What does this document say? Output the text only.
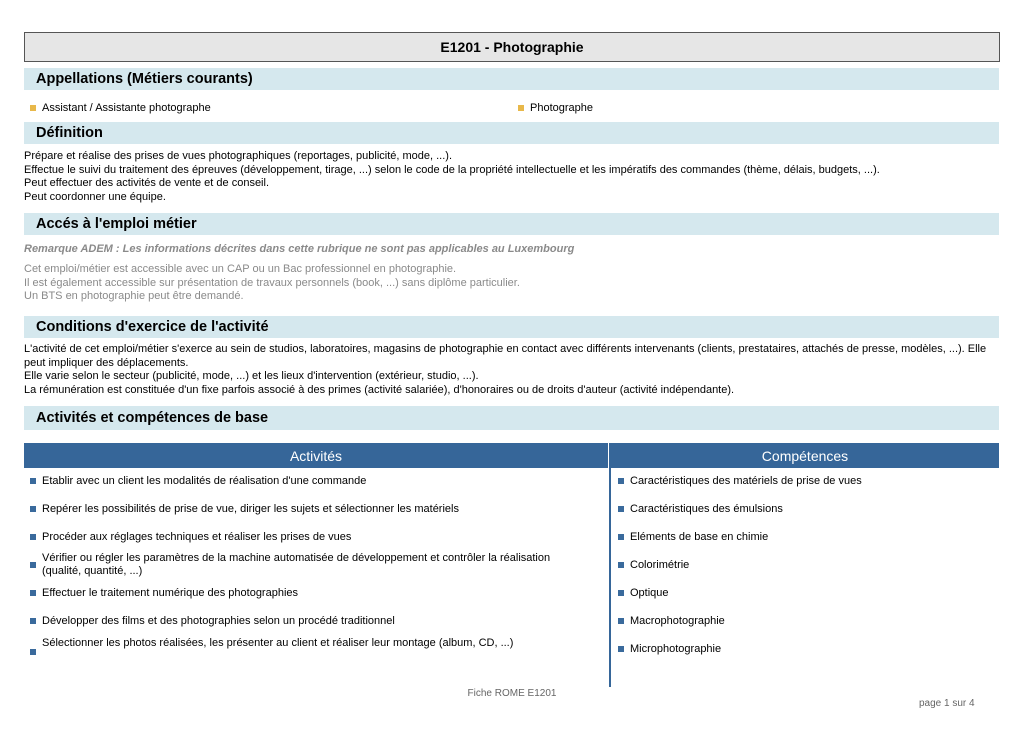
E1201 - Photographie
Appellations (Métiers courants)
Assistant / Assistante photographe	Photographe
Définition

Prépare et réalise des prises de vues photographiques (reportages, publicité, mode, ...).

Effectue le suivi du traitement des épreuves (développement, tirage, ...) selon le code de la propriété intellectuelle et les impératifs des commandes (thème, délais, budgets, ...).

Peut effectuer des activités de vente et de conseil.

Peut coordonner une équipe.

Accés à l'emploi métier
Remarque ADEM : Les informations décrites dans cette rubrique ne sont pas applicables au Luxembourg

Cet emploi/métier est accessible avec un CAP ou un Bac professionnel en photographie.

Il est également accessible sur présentation de travaux personnels (book, ...) sans diplôme particulier.

Un BTS en photographie peut être demandé.

Conditions d'exercice de l'activité

L'activité de cet emploi/métier s'exerce au sein de studios, laboratoires, magasins de photographie en contact avec différents intervenants (clients, prestataires, attachés de presse, modèles, ...). Elle peut impliquer des déplacements.

Elle varie selon le secteur (publicité, mode, ...) et les lieux d'intervention (extérieur, studio, ...).

La rémunération est constituée d'un fixe parfois associé à des primes (activité salariée), d'honoraires ou de droits d'auteur (activité indépendante).

Activités et compétences de base
Activités	Compétences
Etablir avec un client les modalités de réalisation d'une commande
Repérer les possibilités de prise de vue, diriger les sujets et sélectionner les matériels
Procéder aux réglages techniques et réaliser les prises de vues
Vérifier ou régler les paramètres de la machine automatisée de développement et contrôler la réalisation (qualité, quantité, ...)
Effectuer le traitement numérique des photographies
Développer des films et des photographies selon un procédé traditionnel
Sélectionner les photos réalisées, les présenter au client et réaliser leur montage (album, CD, ...)
Caractéristiques des matériels de prise de vues
Caractéristiques des émulsions
Eléments de base en chimie
Colorimétrie
Optique
Macrophotographie
Microphotographie
Fiche ROME E1201
page 1 sur 4
